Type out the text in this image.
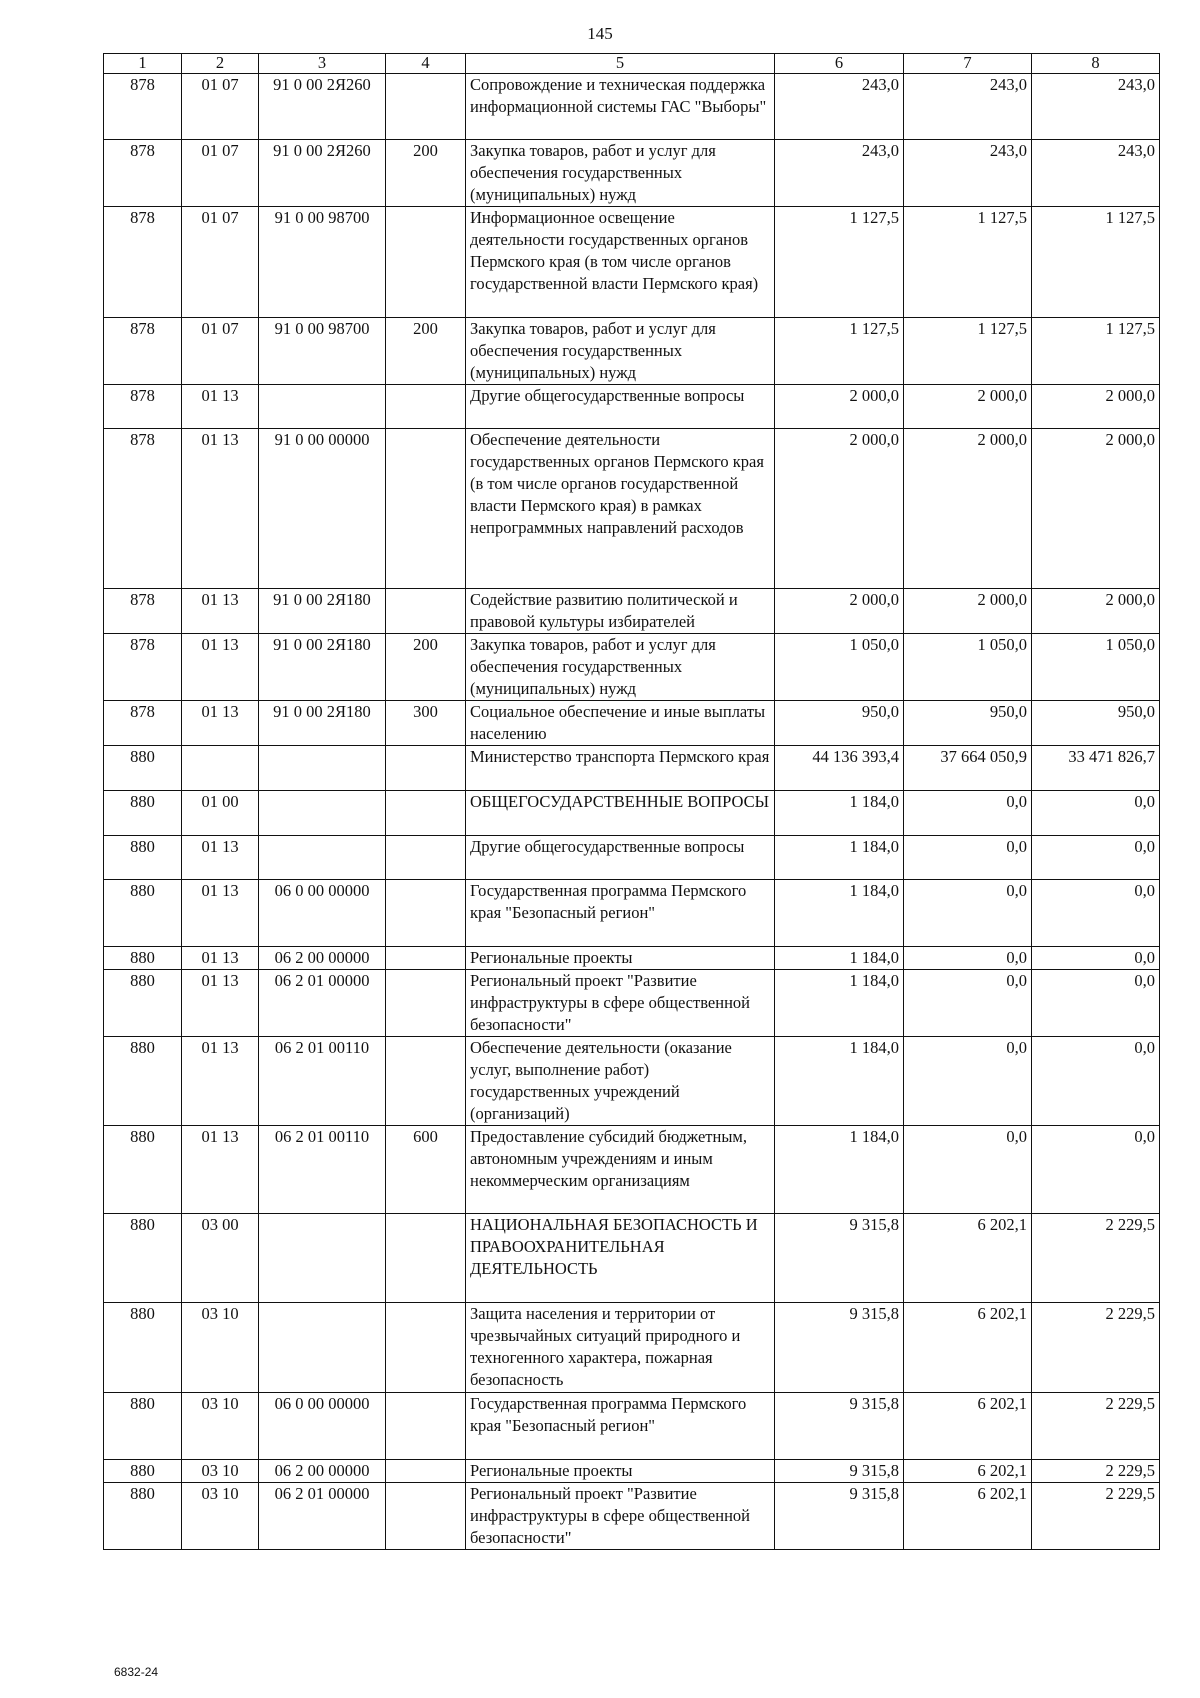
145
1	2	3	4	5	6	7	8
878	01 07	91 0 00 2Я260		Сопровождение и техническая поддержка информационной системы ГАС "Выборы"	243,0	243,0	243,0
878	01 07	91 0 00 2Я260	200	Закупка товаров, работ и услуг для обеспечения государственных (муниципальных) нужд	243,0	243,0	243,0
878	01 07	91 0 00 98700		Информационное освещение деятельности государственных органов Пермского края (в том числе органов государственной власти Пермского края)	1 127,5	1 127,5	1 127,5
878	01 07	91 0 00 98700	200	Закупка товаров, работ и услуг для обеспечения государственных (муниципальных) нужд	1 127,5	1 127,5	1 127,5
878	01 13			Другие общегосударственные вопросы	2 000,0	2 000,0	2 000,0
878	01 13	91 0 00 00000		Обеспечение деятельности государственных органов Пермского края (в том числе органов государственной власти Пермского края) в рамках непрограммных направлений расходов	2 000,0	2 000,0	2 000,0
878	01 13	91 0 00 2Я180		Содействие развитию политической и правовой культуры избирателей	2 000,0	2 000,0	2 000,0
878	01 13	91 0 00 2Я180	200	Закупка товаров, работ и услуг для обеспечения государственных (муниципальных) нужд	1 050,0	1 050,0	1 050,0
878	01 13	91 0 00 2Я180	300	Социальное обеспечение и иные выплаты населению	950,0	950,0	950,0
880				Министерство транспорта Пермского края	44 136 393,4	37 664 050,9	33 471 826,7
880	01 00			ОБЩЕГОСУДАРСТВЕННЫЕ ВОПРОСЫ	1 184,0	0,0	0,0
880	01 13			Другие общегосударственные вопросы	1 184,0	0,0	0,0
880	01 13	06 0 00 00000		Государственная программа Пермского края "Безопасный регион"	1 184,0	0,0	0,0
880	01 13	06 2 00 00000		Региональные проекты	1 184,0	0,0	0,0
880	01 13	06 2 01 00000		Региональный проект "Развитие инфраструктуры в сфере общественной безопасности"	1 184,0	0,0	0,0
880	01 13	06 2 01 00110		Обеспечение деятельности (оказание услуг, выполнение работ) государственных учреждений (организаций)	1 184,0	0,0	0,0
880	01 13	06 2 01 00110	600	Предоставление субсидий бюджетным, автономным учреждениям и иным некоммерческим организациям	1 184,0	0,0	0,0
880	03 00			НАЦИОНАЛЬНАЯ БЕЗОПАСНОСТЬ И ПРАВООХРАНИТЕЛЬНАЯ ДЕЯТЕЛЬНОСТЬ	9 315,8	6 202,1	2 229,5
880	03 10			Защита населения и территории от чрезвычайных ситуаций природного и техногенного характера, пожарная безопасность	9 315,8	6 202,1	2 229,5
880	03 10	06 0 00 00000		Государственная программа Пермского края "Безопасный регион"	9 315,8	6 202,1	2 229,5
880	03 10	06 2 00 00000		Региональные проекты	9 315,8	6 202,1	2 229,5
880	03 10	06 2 01 00000		Региональный проект "Развитие инфраструктуры в сфере общественной безопасности"	9 315,8	6 202,1	2 229,5
6832-24
